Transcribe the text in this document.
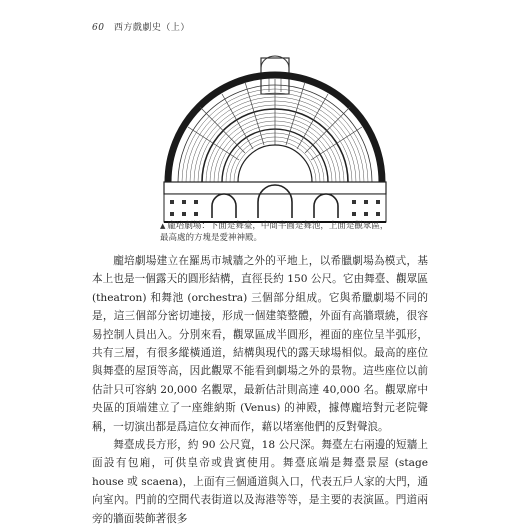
60 西方戲劇史（上）
▲ 龐培劇場：下面是舞臺，中間半圓是舞池，上面是觀眾區，最高處的方塊是愛神神殿。

龐培劇場建立在羅馬市城牆之外的平地上，以希臘劇場為模式，基本上也是一個露天的圓形結構，直徑長約 150 公尺。它由舞臺、觀眾區 (theatron) 和舞池 (orchestra) 三個部分組成。它與希臘劇場不同的是，這三個部分密切連接，形成一個建築整體，外面有高牆環繞，很容易控制人員出入。分別來看，觀眾區成半圓形，裡面的座位呈半弧形，共有三層，有很多縱橫通道，結構與現代的露天球場相似。最高的座位與舞臺的屋頂等高，因此觀眾不能看到劇場之外的景物。這些座位以前估計只可容納 20,000 名觀眾，最新估計則高達 40,000 名。觀眾席中央區的頂端建立了一座維納斯 (Venus) 的神殿，據傳龐培對元老院聲稱，一切演出都是爲這位女神而作，藉以堵塞他們的反對聲浪。

舞臺成長方形，約 90 公尺寬，18 公尺深。舞臺左右兩邊的短牆上面設有包廂，可供皇帝或貴賓使用。舞臺底端是舞臺景屋 (stage house 或 scaena)，上面有三個通道與入口，代表五戶人家的大門，通向室內。門前的空間代表街道以及海港等等，是主要的表演區。門道兩旁的牆面裝飾著很多
